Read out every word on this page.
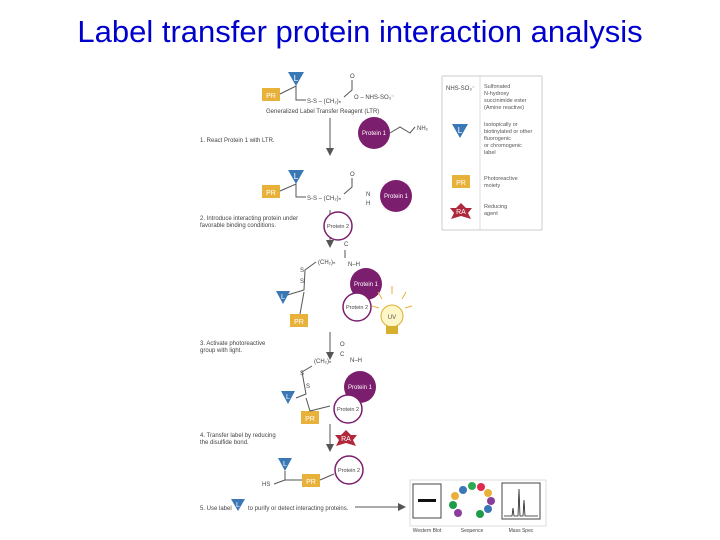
Label transfer protein interaction analysis
L
PR
S-S – (CH₂)ₙ
O
O – NHS-SO₃⁻
Generalized Label Transfer Reagent (LTR)
NHS-SO₃⁻ Sulfonated N-hydroxy succinimide ester (Amine reactive)
L
Isotopically or biotinylated or other fluorogenic or chromogenic label
PR
Photoreactive moiety
RA
Reducing agent
1. React Protein 1 with LTR.
Protein 1
NH₂
L
PR
S-S – (CH₂)ₙ
O
N
H
Protein 1
2. Introduce interacting protein under favorable binding conditions.	Protein 2
C
N–H
(CH₂)ₙ
S
S
L
PR
Protein 1
Protein 2
UV
3. Activate photoreactive group with light.
O
C
N–H
(CH₂)ₙ
S
S
L
PR
Protein 1
Protein 2
RA
4. Transfer label by reducing the disulfide bond.
L
PR
HS
Protein 2
5. Use label L to purify or detect interacting proteins.
Western Blot	Sequence	Mass Spec
